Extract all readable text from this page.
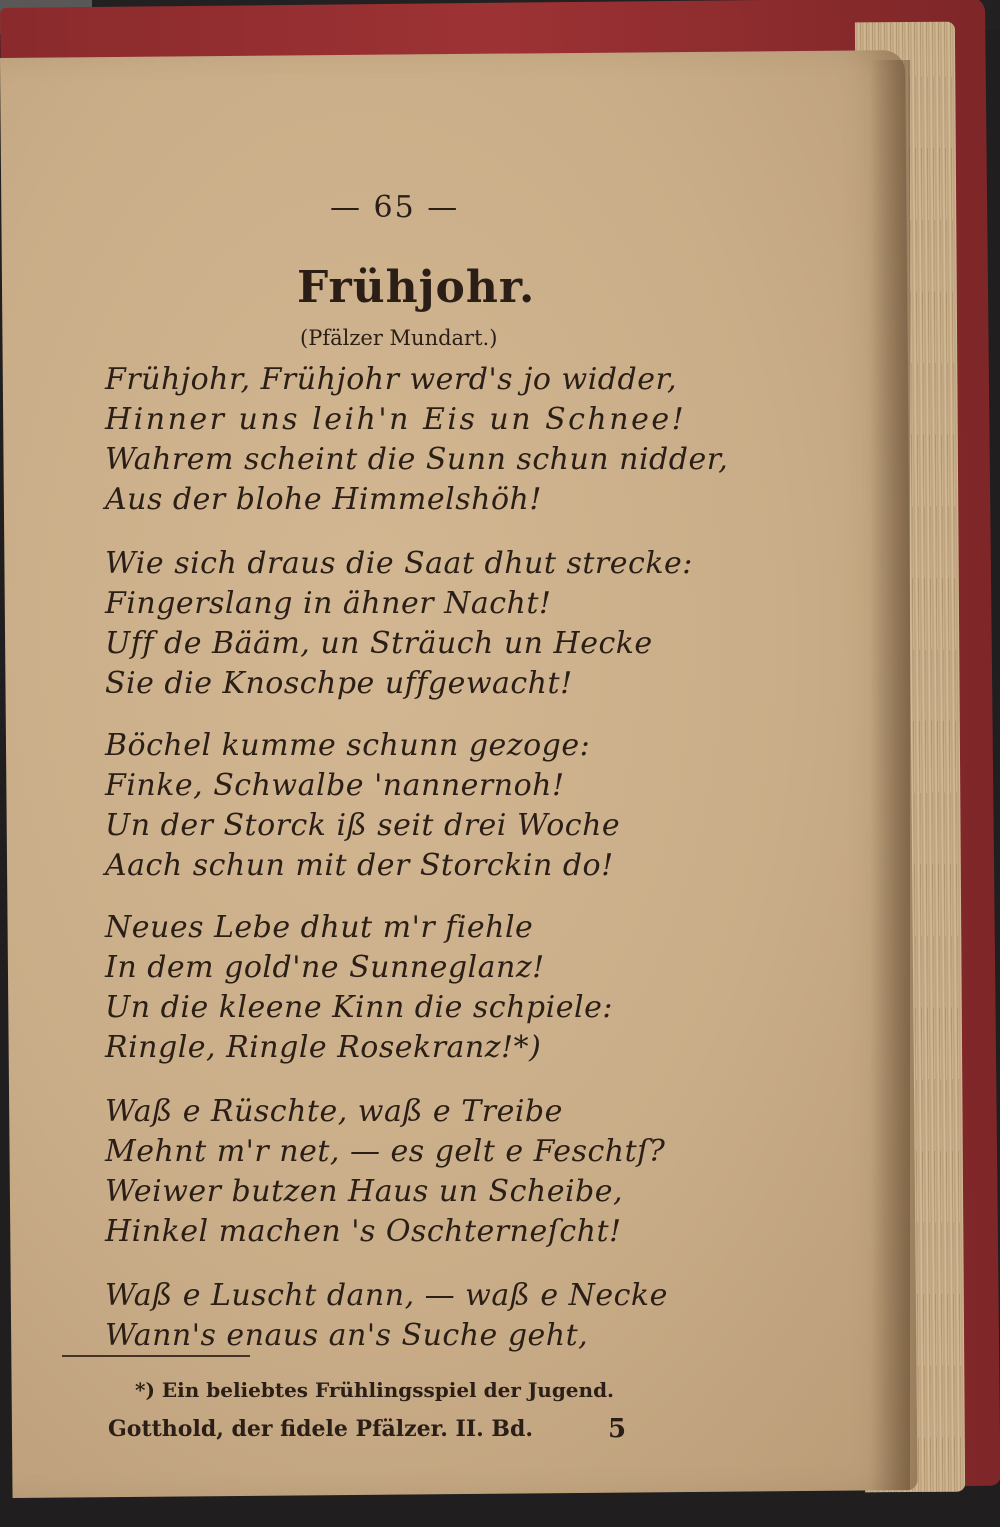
— 65 —
Frühjohr.
(Pfälzer Mundart.)
Frühjohr, Frühjohr werd's jo widder,
Hinner uns leih'n Eis un Schnee!
Wahrem scheint die Sunn schun nidder,
Aus der blohe Himmelshöh!
Wie sich draus die Saat dhut strecke:
Fingerslang in ähner Nacht!
Uff de Bääm, un Sträuch un Hecke
Sie die Knoschpe uffgewacht!
Böchel kumme schunn gezoge:
Finke, Schwalbe 'nannernoh!
Un der Storck iß seit drei Woche
Aach schun mit der Storckin do!
Neues Lebe dhut m'r fiehle
In dem gold'ne Sunneglanz!
Un die kleene Kinn die schpiele:
Ringle, Ringle Rosekranz!*)
Waß e Rüschte, waß e Treibe
Mehnt m'r net, — es gelt e Feschtſ?
Weiwer butzen Haus un Scheibe,
Hinkel machen 's Oschterneſcht!
Waß e Luscht dann, — waß e Necke
Wann's enaus an's Suche geht,
*) Ein beliebtes Frühlingsspiel der Jugend.
Gotthold, der fidele Pfälzer. II. Bd.	5
